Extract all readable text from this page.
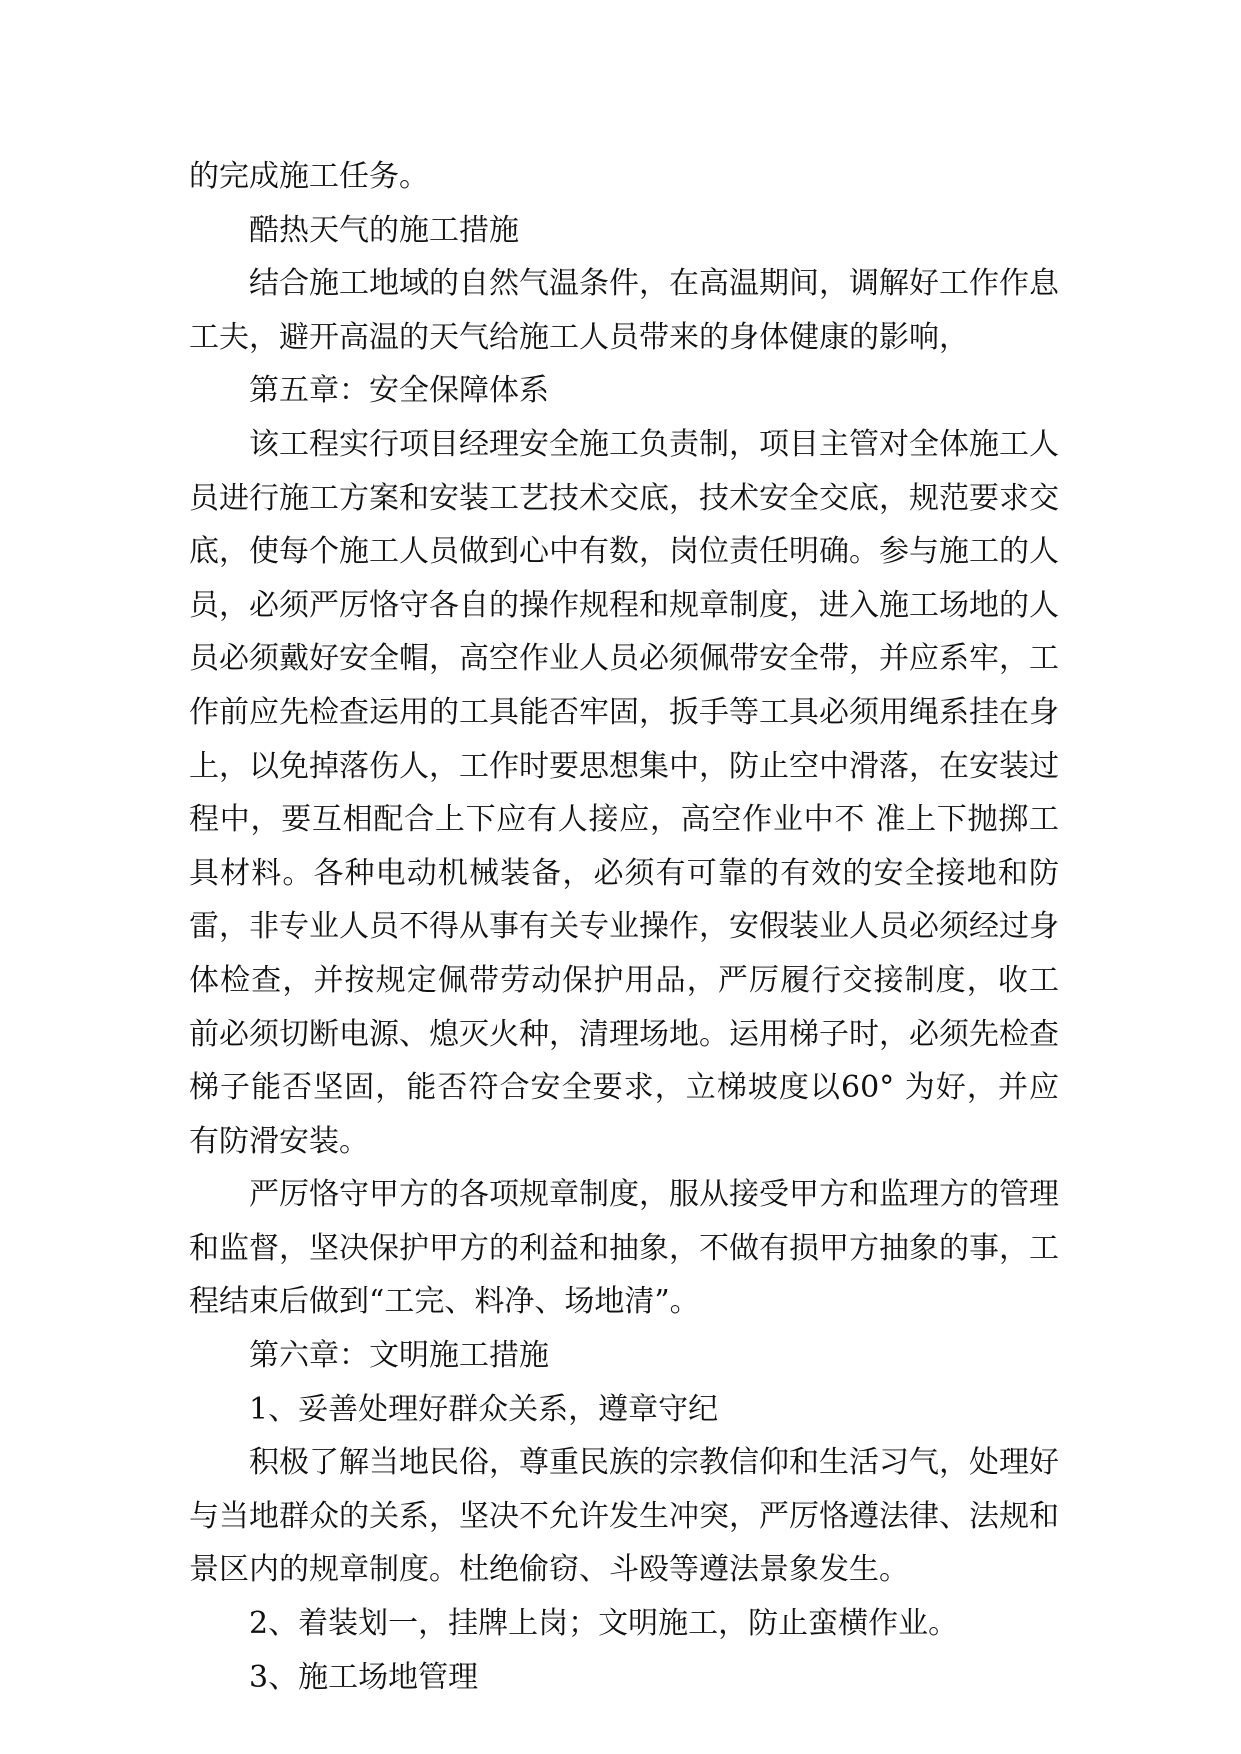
的完成施工任务。

酷热天气的施工措施

结合施工地域的自然气温条件，在高温期间，调解好工作作息工夫，避开高温的天气给施工人员带来的身体健康的影响，

第五章：安全保障体系

该工程实行项目经理安全施工负责制，项目主管对全体施工人员进行施工方案和安装工艺技术交底，技术安全交底，规范要求交底，使每个施工人员做到心中有数，岗位责任明确。参与施工的人员，必须严厉恪守各自的操作规程和规章制度，进入施工场地的人员必须戴好安全帽，高空作业人员必须佩带安全带，并应系牢，工作前应先检查运用的工具能否牢固，扳手等工具必须用绳系挂在身上，以免掉落伤人，工作时要思想集中，防止空中滑落，在安装过程中，要互相配合上下应有人接应，高空作业中不 准上下抛掷工具材料。各种电动机械装备，必须有可靠的有效的安全接地和防雷，非专业人员不得从事有关专业操作，安假装业人员必须经过身体检查，并按规定佩带劳动保护用品，严厉履行交接制度，收工 前必须切断电源、熄灭火种，清理场地。运用梯子时，必须先检查梯子能否坚固，能否符合安全要求，立梯坡度以60° 为好，并应有防滑安装。

严厉恪守甲方的各项规章制度，服从接受甲方和监理方的管理和监督，坚决保护甲方的利益和抽象，不做有损甲方抽象的事，工程结束后做到“工完、料净、场地清”。

第六章：文明施工措施

1、妥善处理好群众关系，遵章守纪

积极了解当地民俗，尊重民族的宗教信仰和生活习气，处理好与当地群众的关系，坚决不允许发生冲突，严厉恪遵法律、法规和景区内的规章制度。杜绝偷窃、斗殴等遵法景象发生。

2、着装划一，挂牌上岗；文明施工，防止蛮横作业。

3、施工场地管理
